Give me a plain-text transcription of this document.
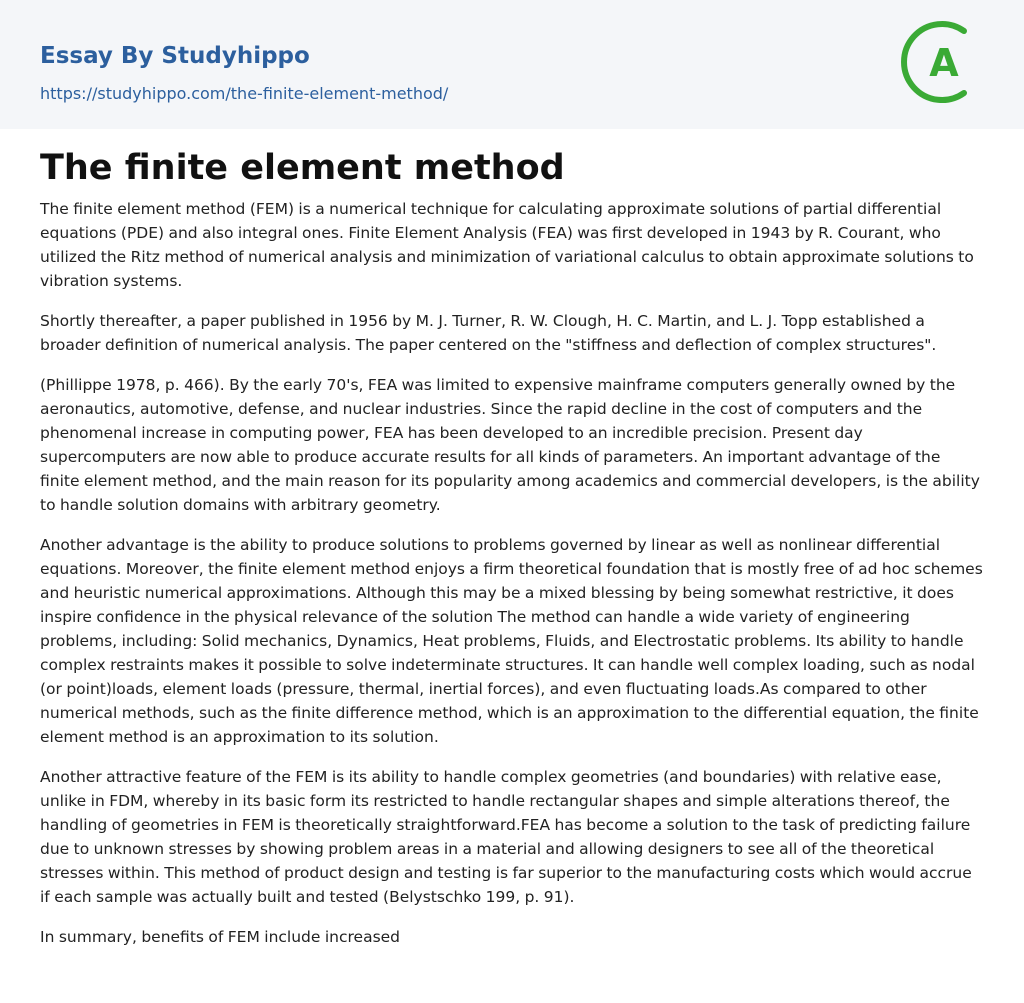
Essay By Studyhippo
https://studyhippo.com/the-finite-element-method/
A
The finite element method

The finite element method (FEM) is a numerical technique for calculating approximate solutions of partial differential equations (PDE) and also integral ones. Finite Element Analysis (FEA) was first developed in 1943 by R. Courant, who utilized the Ritz method of numerical analysis and minimization of variational calculus to obtain approximate solutions to vibration systems.

Shortly thereafter, a paper published in 1956 by M. J. Turner, R. W. Clough, H. C. Martin, and L. J. Topp established a broader definition of numerical analysis. The paper centered on the "stiffness and deflection of complex structures".

(Phillippe 1978, p. 466). By the early 70's, FEA was limited to expensive mainframe computers generally owned by the aeronautics, automotive, defense, and nuclear industries. Since the rapid decline in the cost of computers and the phenomenal increase in computing power, FEA has been developed to an incredible precision. Present day supercomputers are now able to produce accurate results for all kinds of parameters. An important advantage of the finite element method, and the main reason for its popularity among academics and commercial developers, is the ability to handle solution domains with arbitrary geometry.

Another advantage is the ability to produce solutions to problems governed by linear as well as nonlinear differential equations. Moreover, the finite element method enjoys a firm theoretical foundation that is mostly free of ad hoc schemes and heuristic numerical approximations. Although this may be a mixed blessing by being somewhat restrictive, it does inspire confidence in the physical relevance of the solution The method can handle a wide variety of engineering problems, including: Solid mechanics, Dynamics, Heat problems, Fluids, and Electrostatic problems. Its ability to handle complex restraints makes it possible to solve indeterminate structures. It can handle well complex loading, such as nodal (or point)loads, element loads (pressure, thermal, inertial forces), and even fluctuating loads.As compared to other numerical methods, such as the finite difference method, which is an approximation to the differential equation, the finite element method is an approximation to its solution.

Another attractive feature of the FEM is its ability to handle complex geometries (and boundaries) with relative ease, unlike in FDM, whereby in its basic form its restricted to handle rectangular shapes and simple alterations thereof, the handling of geometries in FEM is theoretically straightforward.FEA has become a solution to the task of predicting failure due to unknown stresses by showing problem areas in a material and allowing designers to see all of the theoretical stresses within. This method of product design and testing is far superior to the manufacturing costs which would accrue if each sample was actually built and tested (Belystschko 199, p. 91).

In summary, benefits of FEM include increased
